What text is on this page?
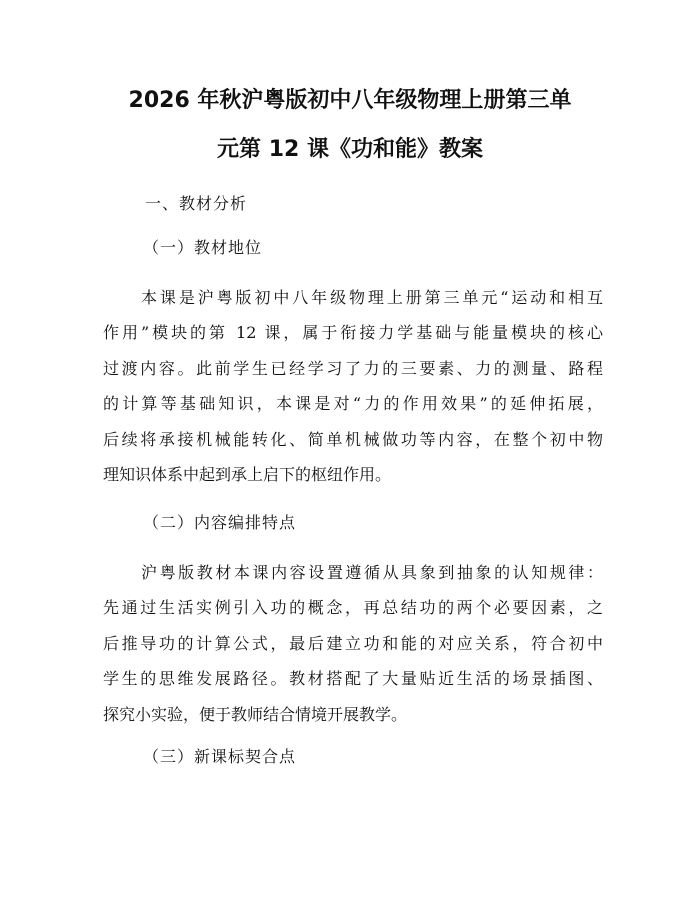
2026 年秋沪粤版初中八年级物理上册第三单
元第 12 课《功和能》教案
一、教材分析
（一）教材地位
本课是沪粤版初中八年级物理上册第三单元“运动和相互
作用”模块的第 12 课，属于衔接力学基础与能量模块的核心
过渡内容。此前学生已经学习了力的三要素、力的测量、路程
的计算等基础知识，本课是对“力的作用效果”的延伸拓展，
后续将承接机械能转化、简单机械做功等内容，在整个初中物
理知识体系中起到承上启下的枢纽作用。
（二）内容编排特点
沪粤版教材本课内容设置遵循从具象到抽象的认知规律：
先通过生活实例引入功的概念，再总结功的两个必要因素，之
后推导功的计算公式，最后建立功和能的对应关系，符合初中
学生的思维发展路径。教材搭配了大量贴近生活的场景插图、
探究小实验，便于教师结合情境开展教学。
（三）新课标契合点
